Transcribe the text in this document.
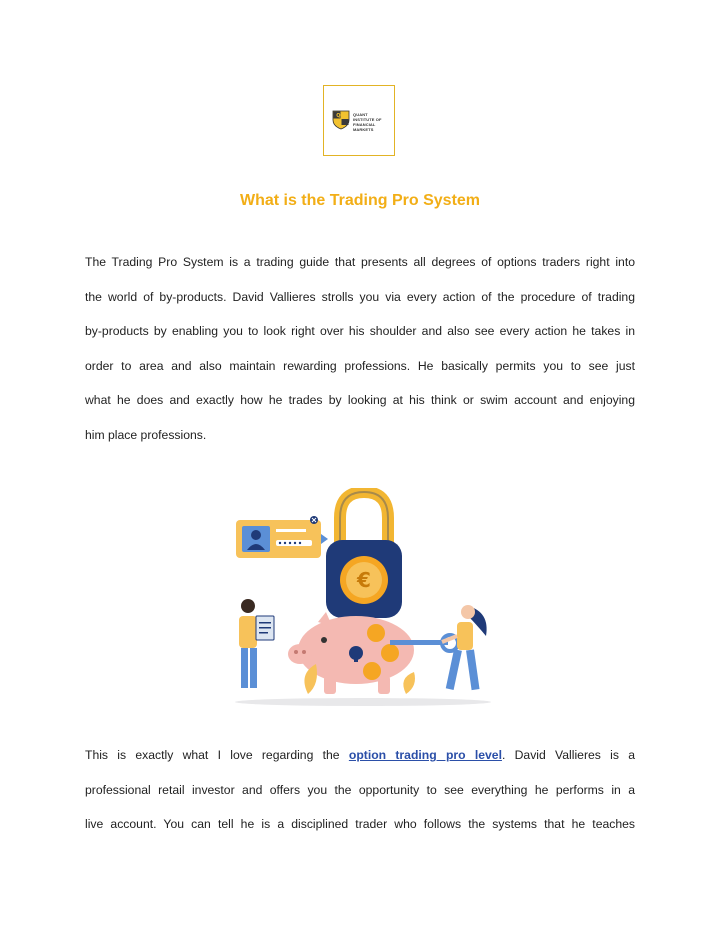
Q	QUANT
INSTITUTE OF
FINANCIAL MARKETS
What is the Trading Pro System
The Trading Pro System is a trading guide that presents all degrees of options traders right into
the world of by-products. David Vallieres strolls you via every action of the procedure of trading
by-products by enabling you to look right over his shoulder and also see every action he takes in
order to area and also maintain rewarding professions. He basically permits you to see just
what he does and exactly how he trades by looking at his think or swim account and enjoying
him place professions.
€
This is exactly what I love regarding the option trading pro level. David Vallieres is a
professional retail investor and offers you the opportunity to see everything he performs in a
live account. You can tell he is a disciplined trader who follows the systems that he teaches
